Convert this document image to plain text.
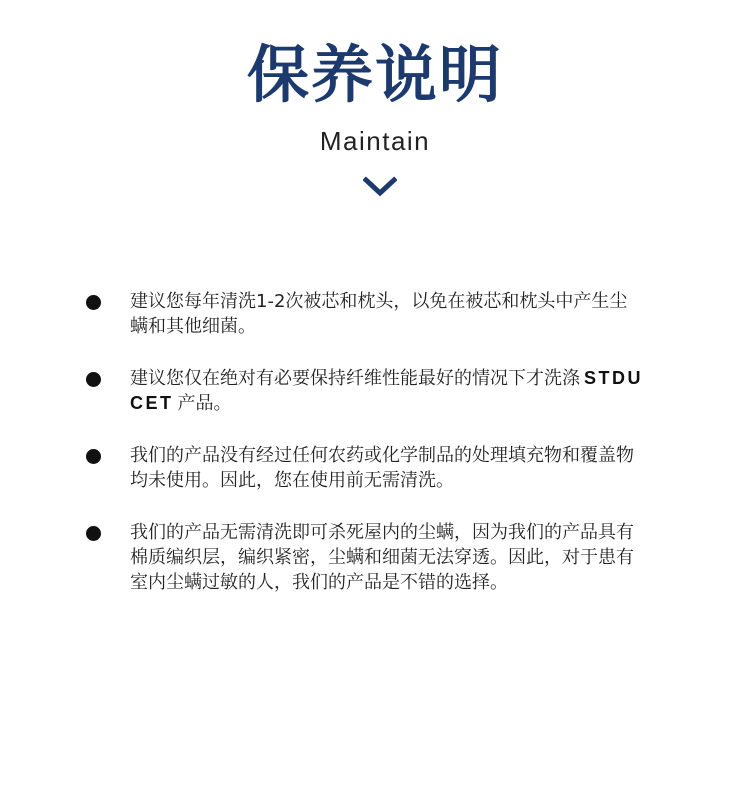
保养说明
Maintain
建议您每年清洗1-2次被芯和枕头，以免在被芯和枕头中产生尘螨和其他细菌。
建议您仅在绝对有必要保持纤维性能最好的情况下才洗涤 STDUCET 产品。
我们的产品没有经过任何农药或化学制品的处理填充物和覆盖物均未使用。因此，您在使用前无需清洗。
我们的产品无需清洗即可杀死屋内的尘螨，因为我们的产品具有棉质编织层，编织紧密，尘螨和细菌无法穿透。因此，对于患有室内尘螨过敏的人，我们的产品是不错的选择。
